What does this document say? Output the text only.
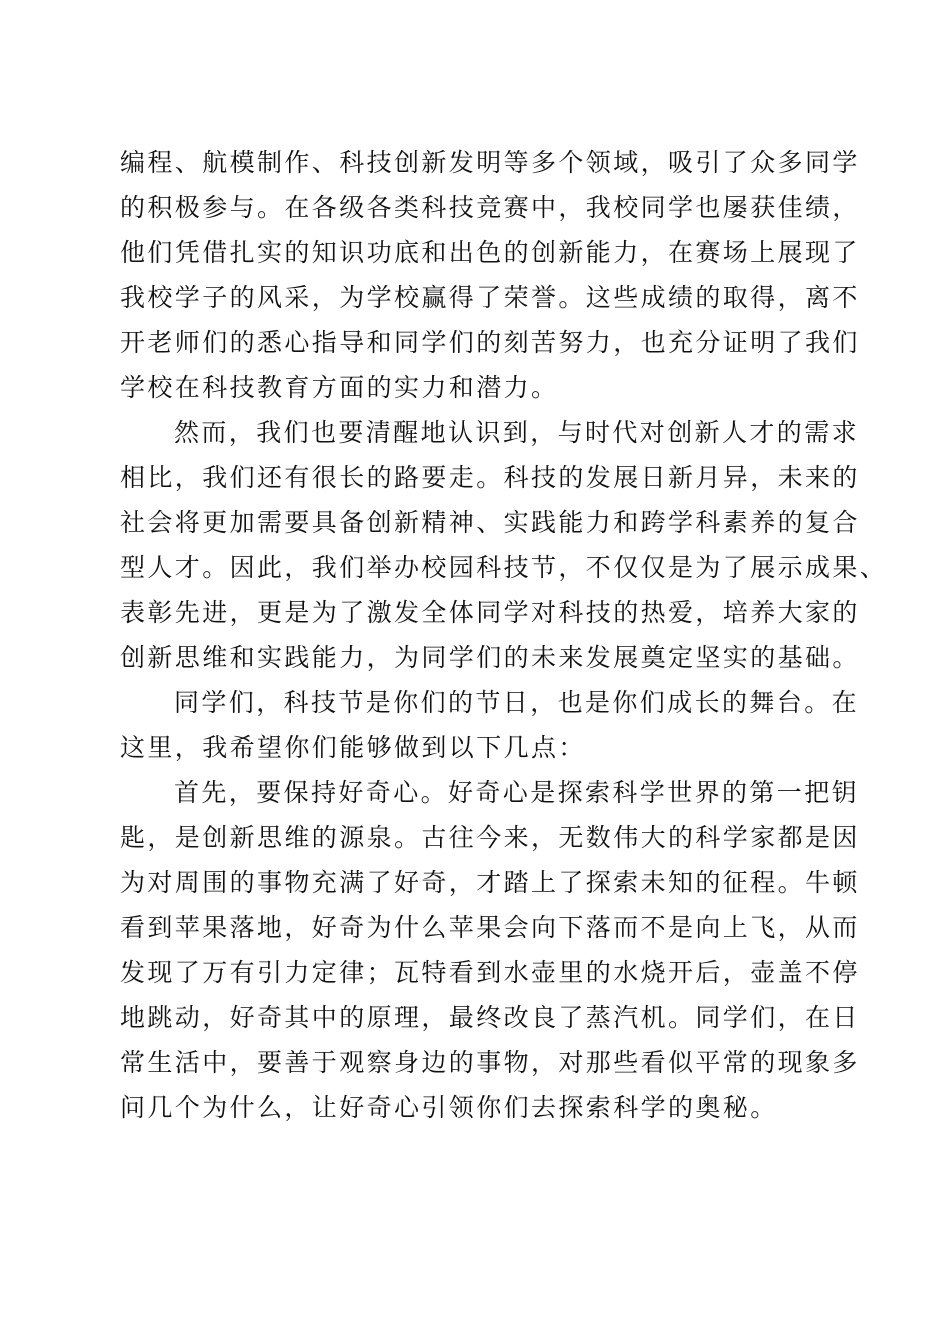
编程、航模制作、科技创新发明等多个领域，吸引了众多同学
的积极参与。在各级各类科技竞赛中，我校同学也屡获佳绩，
他们凭借扎实的知识功底和出色的创新能力，在赛场上展现了
我校学子的风采，为学校赢得了荣誉。这些成绩的取得，离不
开老师们的悉心指导和同学们的刻苦努力，也充分证明了我们
学校在科技教育方面的实力和潜力。
然而，我们也要清醒地认识到，与时代对创新人才的需求
相比，我们还有很长的路要走。科技的发展日新月异，未来的
社会将更加需要具备创新精神、实践能力和跨学科素养的复合
型人才。因此，我们举办校园科技节，不仅仅是为了展示成果、
表彰先进，更是为了激发全体同学对科技的热爱，培养大家的
创新思维和实践能力，为同学们的未来发展奠定坚实的基础。
同学们，科技节是你们的节日，也是你们成长的舞台。在
这里，我希望你们能够做到以下几点：
首先，要保持好奇心。好奇心是探索科学世界的第一把钥
匙，是创新思维的源泉。古往今来，无数伟大的科学家都是因
为对周围的事物充满了好奇，才踏上了探索未知的征程。牛顿
看到苹果落地，好奇为什么苹果会向下落而不是向上飞，从而
发现了万有引力定律；瓦特看到水壶里的水烧开后，壶盖不停
地跳动，好奇其中的原理，最终改良了蒸汽机。同学们，在日
常生活中，要善于观察身边的事物，对那些看似平常的现象多
问几个为什么，让好奇心引领你们去探索科学的奥秘。
